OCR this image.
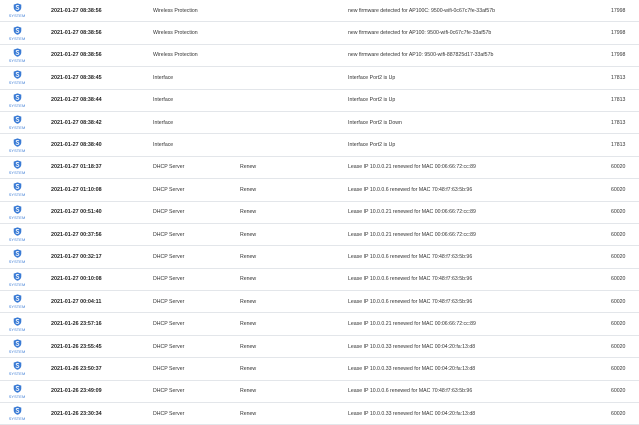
SYSTEM
2021-01-27 08:38:56	Wireless Protection	new firmware detected for AP100C: 9500-wifi-0c67c7fe-33af57b	17998
SYSTEM
2021-01-27 08:38:56	Wireless Protection	new firmware detected for AP100: 9500-wifi-0c67c7fe-33af57b	17998
SYSTEM
2021-01-27 08:38:56	Wireless Protection	new firmware detected for AP10: 9500-wifi-887825d17-33af57b	17998
SYSTEM
2021-01-27 08:38:45	Interface	Interface Port2 is Up	17813
SYSTEM
2021-01-27 08:38:44	Interface	Interface Port2 is Up	17813
SYSTEM
2021-01-27 08:38:42	Interface	Interface Port2 is Down	17813
SYSTEM
2021-01-27 08:38:40	Interface	Interface Port2 is Up	17813
SYSTEM
2021-01-27 01:18:37	DHCP Server	Renew	Lease IP 10.0.0.21 renewed for MAC 00:06:66:72:cc:89	60020
SYSTEM
2021-01-27 01:10:08	DHCP Server	Renew	Lease IP 10.0.0.6 renewed for MAC 70:48:f7:63:5b:96	60020
SYSTEM
2021-01-27 00:51:40	DHCP Server	Renew	Lease IP 10.0.0.21 renewed for MAC 00:06:66:72:cc:89	60020
SYSTEM
2021-01-27 00:37:56	DHCP Server	Renew	Lease IP 10.0.0.21 renewed for MAC 00:06:66:72:cc:89	60020
SYSTEM
2021-01-27 00:32:17	DHCP Server	Renew	Lease IP 10.0.0.6 renewed for MAC 70:48:f7:63:5b:96	60020
SYSTEM
2021-01-27 00:10:08	DHCP Server	Renew	Lease IP 10.0.0.6 renewed for MAC 70:48:f7:63:5b:96	60020
SYSTEM
2021-01-27 00:04:11	DHCP Server	Renew	Lease IP 10.0.0.6 renewed for MAC 70:48:f7:63:5b:96	60020
SYSTEM
2021-01-26 23:57:16	DHCP Server	Renew	Lease IP 10.0.0.21 renewed for MAC 00:06:66:72:cc:89	60020
SYSTEM
2021-01-26 23:55:45	DHCP Server	Renew	Lease IP 10.0.0.33 renewed for MAC 00:04:20:fa:13:d8	60020
SYSTEM
2021-01-26 23:50:37	DHCP Server	Renew	Lease IP 10.0.0.33 renewed for MAC 00:04:20:fa:13:d8	60020
SYSTEM
2021-01-26 23:49:09	DHCP Server	Renew	Lease IP 10.0.0.6 renewed for MAC 70:48:f7:63:5b:96	60020
SYSTEM
2021-01-26 23:30:34	DHCP Server	Renew	Lease IP 10.0.0.33 renewed for MAC 00:04:20:fa:13:d8	60020
